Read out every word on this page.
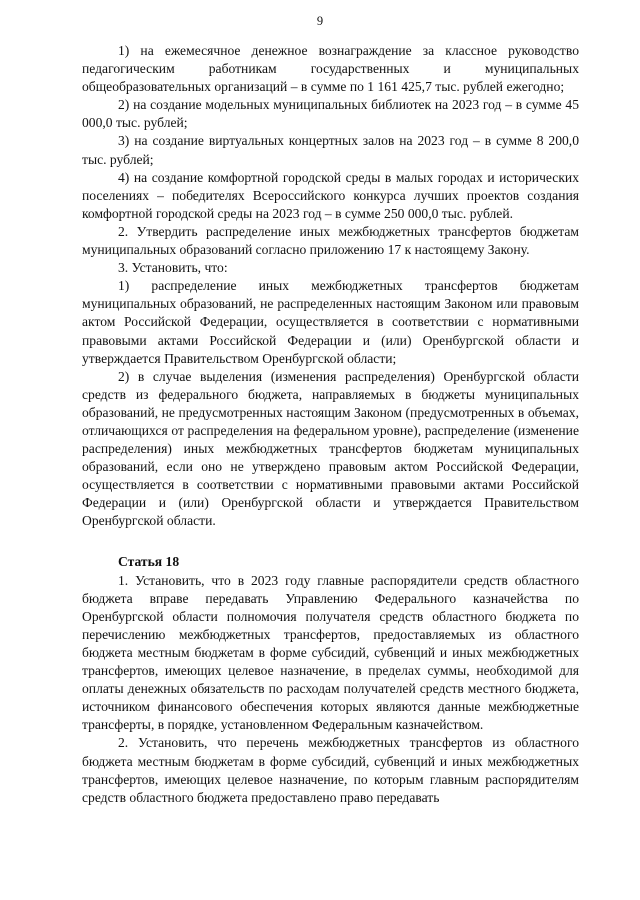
9

1) на ежемесячное денежное вознаграждение за классное руководство педагогическим работникам государственных и муниципальных общеобразовательных организаций – в сумме по 1 161 425,7 тыс. рублей ежегодно;

2) на создание модельных муниципальных библиотек на 2023 год – в сумме 45 000,0 тыс. рублей;

3) на создание виртуальных концертных залов на 2023 год – в сумме 8 200,0 тыс. рублей;

4) на создание комфортной городской среды в малых городах и исторических поселениях – победителях Всероссийского конкурса лучших проектов создания комфортной городской среды на 2023 год – в сумме 250 000,0 тыс. рублей.

2. Утвердить распределение иных межбюджетных трансфертов бюджетам муниципальных образований согласно приложению 17 к настоящему Закону.

3. Установить, что:

1) распределение иных межбюджетных трансфертов бюджетам муниципальных образований, не распределенных настоящим Законом или правовым актом Российской Федерации, осуществляется в соответствии с нормативными правовыми актами Российской Федерации и (или) Оренбургской области и утверждается Правительством Оренбургской области;

2) в случае выделения (изменения распределения) Оренбургской области средств из федерального бюджета, направляемых в бюджеты муниципальных образований, не предусмотренных настоящим Законом (предусмотренных в объемах, отличающихся от распределения на федеральном уровне), распределение (изменение распределения) иных межбюджетных трансфертов бюджетам муниципальных образований, если оно не утверждено правовым актом Российской Федерации, осуществляется в соответствии с нормативными правовыми актами Российской Федерации и (или) Оренбургской области и утверждается Правительством Оренбургской области.

Статья 18

1. Установить, что в 2023 году главные распорядители средств областного бюджета вправе передавать Управлению Федерального казначейства по Оренбургской области полномочия получателя средств областного бюджета по перечислению межбюджетных трансфертов, предоставляемых из областного бюджета местным бюджетам в форме субсидий, субвенций и иных межбюджетных трансфертов, имеющих целевое назначение, в пределах суммы, необходимой для оплаты денежных обязательств по расходам получателей средств местного бюджета, источником финансового обеспечения которых являются данные межбюджетные трансферты, в порядке, установленном Федеральным казначейством.

2. Установить, что перечень межбюджетных трансфертов из областного бюджета местным бюджетам в форме субсидий, субвенций и иных межбюджетных трансфертов, имеющих целевое назначение, по которым главным распорядителям средств областного бюджета предоставлено право передавать
